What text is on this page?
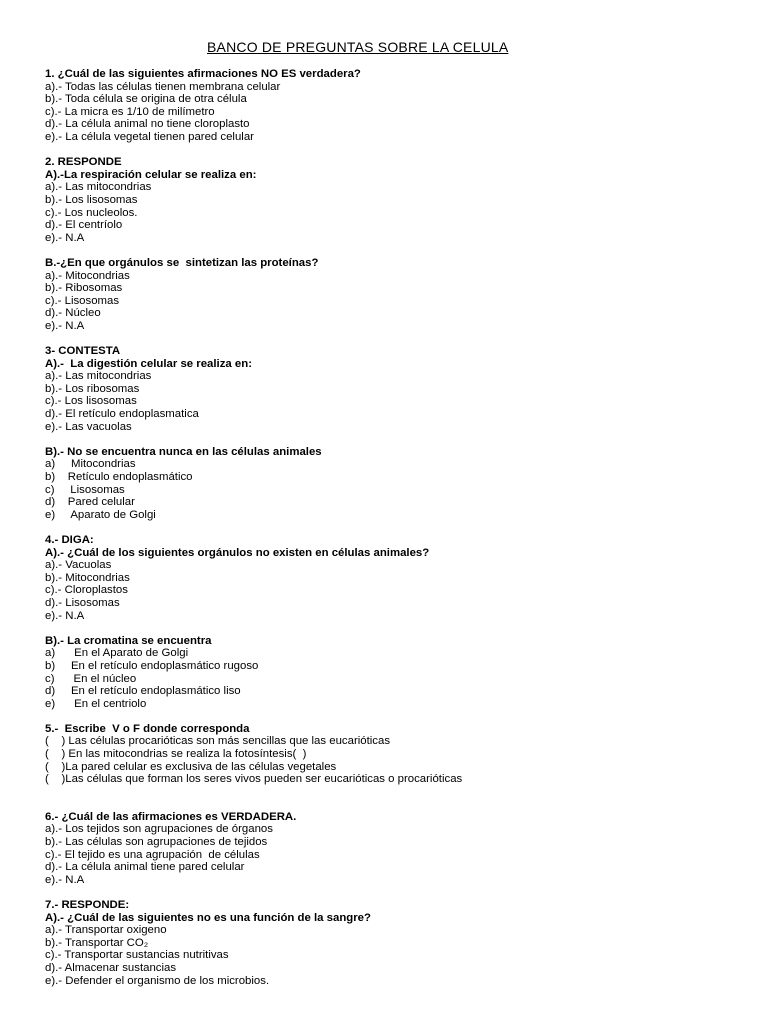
BANCO DE PREGUNTAS SOBRE LA CELULA
1. ¿Cuál de las siguientes afirmaciones NO ES verdadera?
a).- Todas las células tienen membrana celular
b).- Toda célula se origina de otra célula
c).- La micra es 1/10 de milímetro
d).- La célula animal no tiene cloroplasto
e).- La célula vegetal tienen pared celular
2. RESPONDE
A).-La respiración celular se realiza en:
a).- Las mitocondrias
b).- Los lisosomas
c).- Los nucleolos.
d).- El centríolo
e).- N.A
B.-¿En que orgánulos se  sintetizan las proteínas?
a).- Mitocondrias
b).- Ribosomas
c).- Lisosomas
d).- Núcleo
e).- N.A
3- CONTESTA
A).-  La digestión celular se realiza en:
a).- Las mitocondrias
b).- Los ribosomas
c).- Los lisosomas
d).- El retículo endoplasmatica
e).- Las vacuolas
B).- No se encuentra nunca en las células animales
a)     Mitocondrias
b)    Retículo endoplasmático
c)     Lisosomas
d)    Pared celular
e)     Aparato de Golgi
4.- DIGA:
A).- ¿Cuál de los siguientes orgánulos no existen en células animales?
a).- Vacuolas
b).- Mitocondrias
c).- Cloroplastos
d).- Lisosomas
e).- N.A
B).- La cromatina se encuentra
a)      En el Aparato de Golgi
b)     En el retículo endoplasmático rugoso
c)      En el núcleo
d)     En el retículo endoplasmático liso
e)      En el centriolo
5.-  Escribe  V o F donde corresponda
(    ) Las células procarióticas son más sencillas que las eucarióticas
(    ) En las mitocondrias se realiza la fotosíntesis(  )
(    )La pared celular es exclusiva de las células vegetales
(    )Las células que forman los seres vivos pueden ser eucarióticas o procarióticas
6.- ¿Cuál de las afirmaciones es VERDADERA.
a).- Los tejidos son agrupaciones de órganos
b).- Las células son agrupaciones de tejidos
c).- El tejido es una agrupación  de células
d).- La célula animal tiene pared celular
e).- N.A
7.- RESPONDE:
A).- ¿Cuál de las siguientes no es una función de la sangre?
a).- Transportar oxigeno
b).- Transportar CO₂
c).- Transportar sustancias nutritivas
d).- Almacenar sustancias
e).- Defender el organismo de los microbios.
